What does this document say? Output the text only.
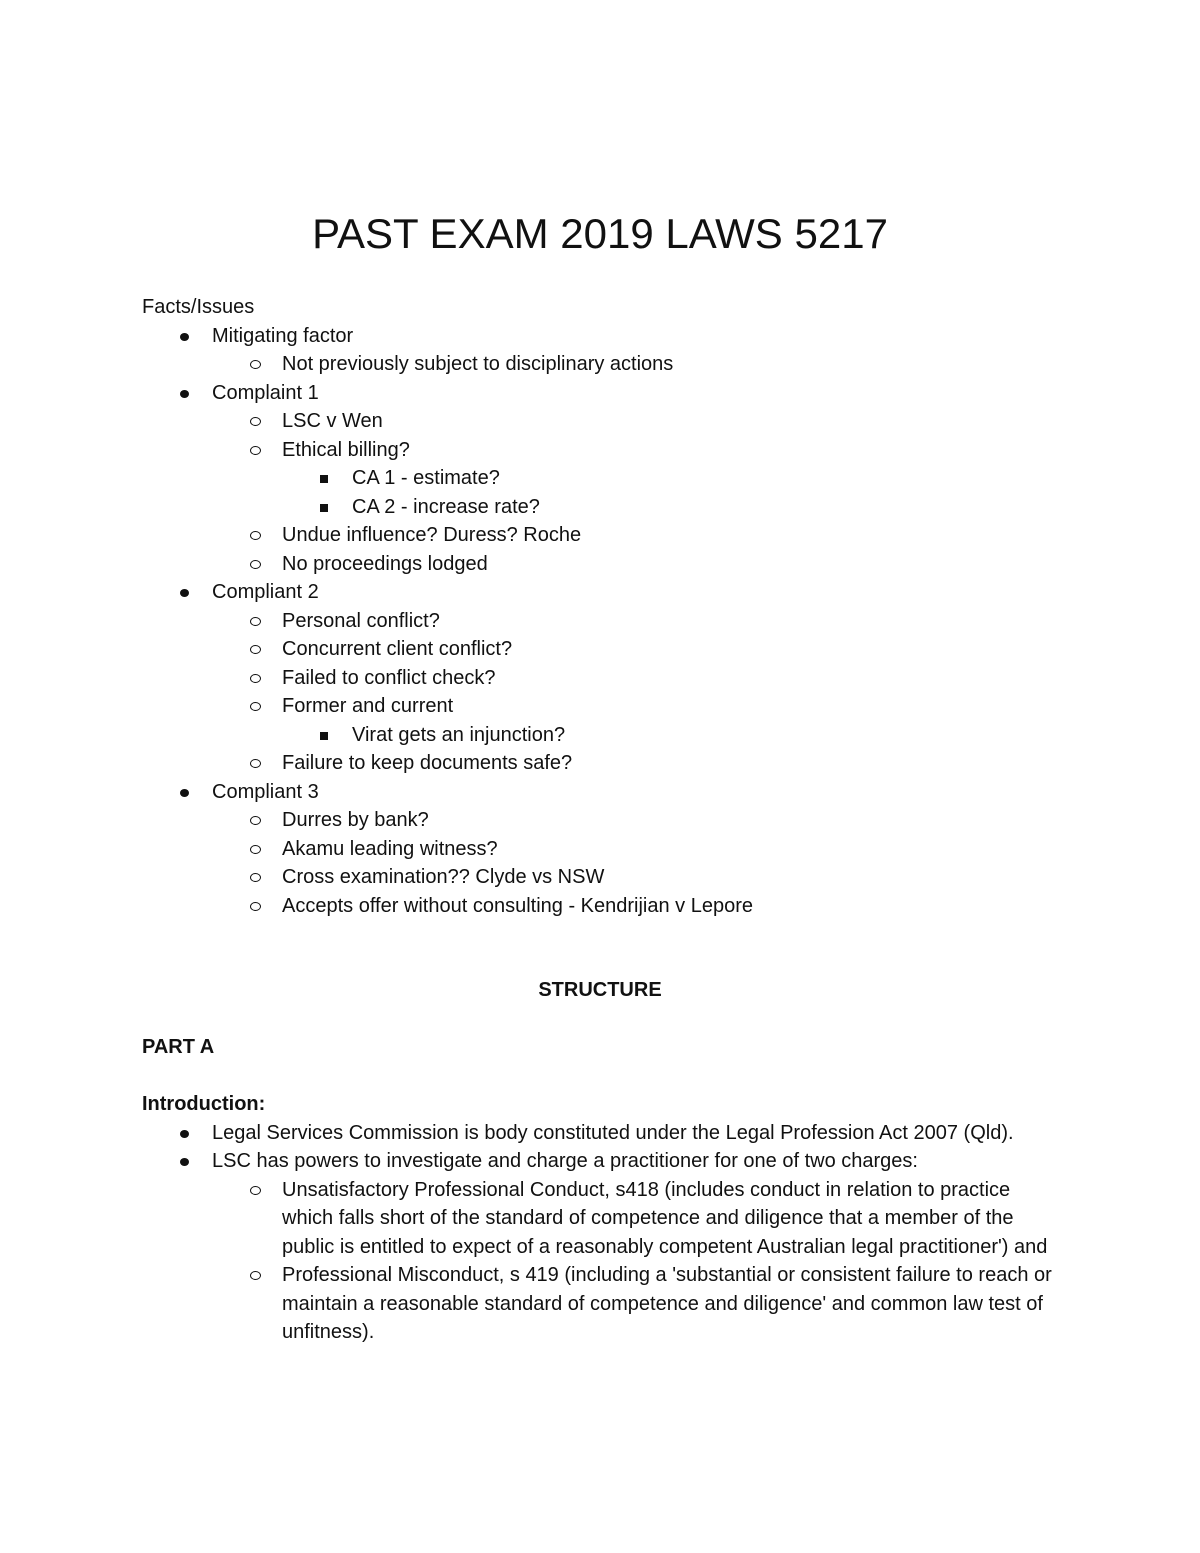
PAST EXAM 2019 LAWS 5217
Facts/Issues
Mitigating factor
Not previously subject to disciplinary actions
Complaint 1
LSC v Wen
Ethical billing?
CA 1 - estimate?
CA 2 - increase rate?
Undue influence? Duress? Roche
No proceedings lodged
Compliant 2
Personal conflict?
Concurrent client conflict?
Failed to conflict check?
Former and current
Virat gets an injunction?
Failure to keep documents safe?
Compliant 3
Durres by bank?
Akamu leading witness?
Cross examination?? Clyde vs NSW
Accepts offer without consulting - Kendrijian v Lepore
STRUCTURE
PART A
Introduction:
Legal Services Commission is body constituted under the Legal Profession Act 2007 (Qld).
LSC has powers to investigate and charge a practitioner for one of two charges:
Unsatisfactory Professional Conduct, s418 (includes conduct in relation to practice which falls short of the standard of competence and diligence that a member of the public is entitled to expect of a reasonably competent Australian legal practitioner') and
Professional Misconduct, s 419 (including a 'substantial or consistent failure to reach or maintain a reasonable standard of competence and diligence' and common law test of unfitness).
